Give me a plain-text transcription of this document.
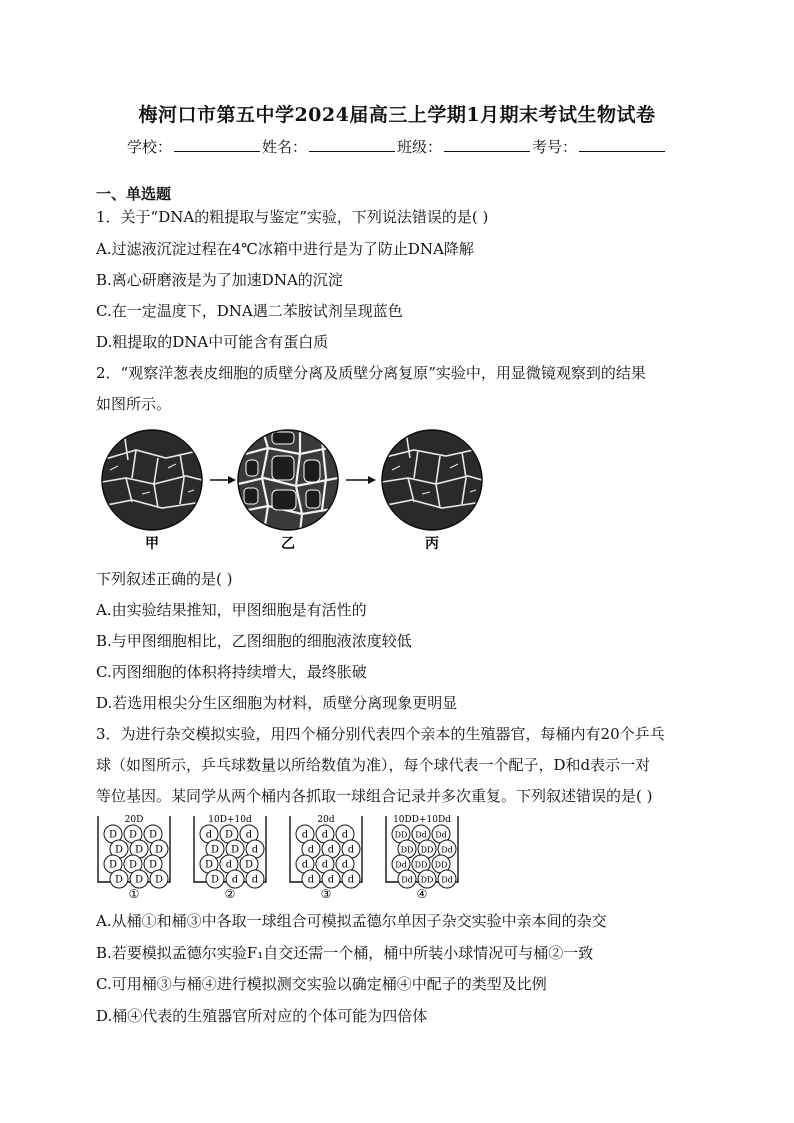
梅河口市第五中学2024届高三上学期1月期末考试生物试卷
学校：	姓名：	班级：	考号：
一、单选题
1．关于“DNA的粗提取与鉴定”实验，下列说法错误的是( )
A.过滤液沉淀过程在4℃冰箱中进行是为了防止DNA降解
B.离心研磨液是为了加速DNA的沉淀
C.在一定温度下，DNA遇二苯胺试剂呈现蓝色
D.粗提取的DNA中可能含有蛋白质
2．“观察洋葱表皮细胞的质壁分离及质壁分离复原”实验中，用显微镜观察到的结果
如图所示。
甲	乙	丙
下列叙述正确的是( )
A.由实验结果推知，甲图细胞是有活性的
B.与甲图细胞相比，乙图细胞的细胞液浓度较低
C.丙图细胞的体积将持续增大，最终胀破
D.若选用根尖分生区细胞为材料，质壁分离现象更明显
3．为进行杂交模拟实验，用四个桶分别代表四个亲本的生殖器官，每桶内有20个乒乓
球（如图所示，乒乓球数量以所给数值为准），每个球代表一个配子，D和d表示一对
等位基因。某同学从两个桶内各抓取一球组合记录并多次重复。下列叙述错误的是( )
20D
D D D
D D D
D D D
D D D
①
10D+10d
d D d
D D d
D d D
D d d
②
20d
d d d
d d d
d d d
d d d
③
10DD+10Dd
DD Dd Dd
DD DD Dd
Dd DD DD
Dd DD Dd
④
A.从桶①和桶③中各取一球组合可模拟孟德尔单因子杂交实验中亲本间的杂交
B.若要模拟孟德尔实验F₁自交还需一个桶，桶中所装小球情况可与桶②一致
C.可用桶③与桶④进行模拟测交实验以确定桶④中配子的类型及比例
D.桶④代表的生殖器官所对应的个体可能为四倍体
